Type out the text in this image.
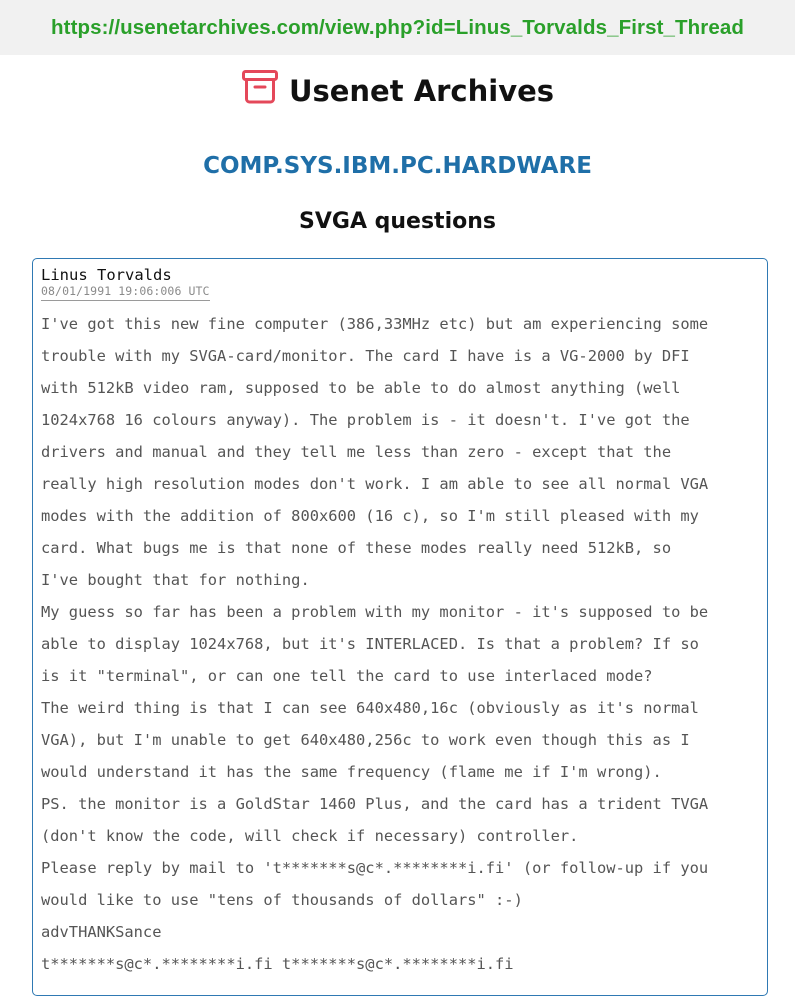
https://usenetarchives.com/view.php?id=Linus_Torvalds_First_Thread
Usenet Archives
COMP.SYS.IBM.PC.HARDWARE
SVGA questions
Linus Torvalds
08/01/1991 19:06:006 UTC
I've got this new fine computer (386,33MHz etc) but am experiencing some
trouble with my SVGA-card/monitor. The card I have is a VG-2000 by DFI
with 512kB video ram, supposed to be able to do almost anything (well
1024x768 16 colours anyway). The problem is - it doesn't. I've got the
drivers and manual and they tell me less than zero - except that the
really high resolution modes don't work. I am able to see all normal VGA
modes with the addition of 800x600 (16 c), so I'm still pleased with my
card. What bugs me is that none of these modes really need 512kB, so
I've bought that for nothing.
My guess so far has been a problem with my monitor - it's supposed to be
able to display 1024x768, but it's INTERLACED. Is that a problem? If so
is it "terminal", or can one tell the card to use interlaced mode?
The weird thing is that I can see 640x480,16c (obviously as it's normal
VGA), but I'm unable to get 640x480,256c to work even though this as I
would understand it has the same frequency (flame me if I'm wrong).
PS. the monitor is a GoldStar 1460 Plus, and the card has a trident TVGA
(don't know the code, will check if necessary) controller.
Please reply by mail to 't*******s@c*.********i.fi' (or follow-up if you
would like to use "tens of thousands of dollars" :-)
advTHANKSance
t*******s@c*.********i.fi t*******s@c*.********i.fi
